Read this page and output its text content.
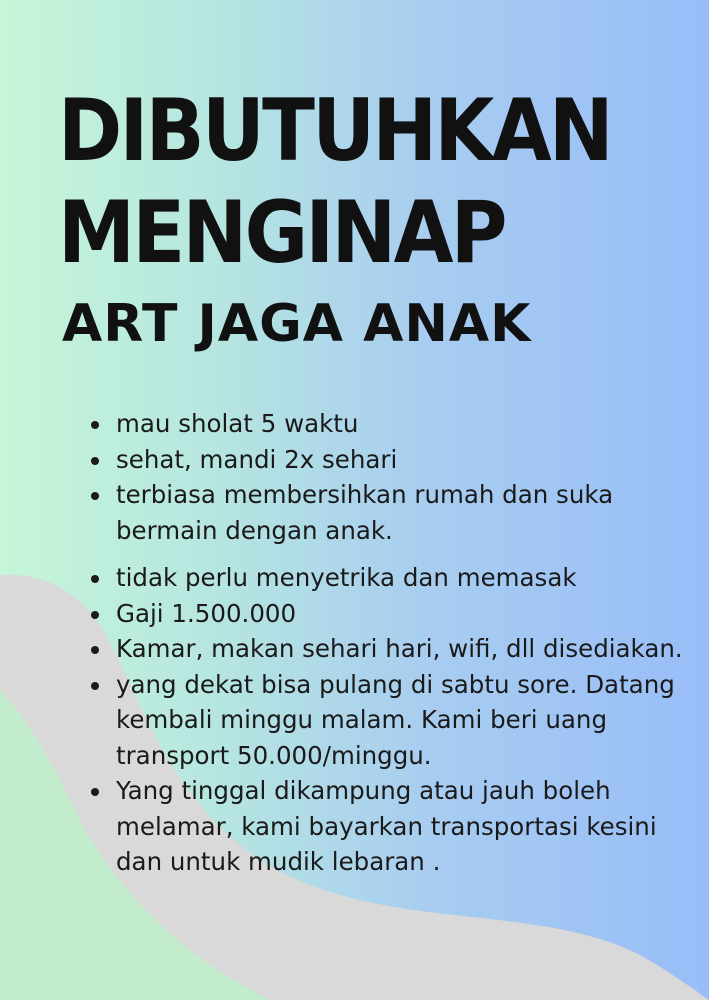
DIBUTUHKAN
MENGINAP
ART JAGA ANAK
mau sholat 5 waktu
sehat, mandi 2x sehari
terbiasa membersihkan rumah dan suka bermain dengan anak.
tidak perlu menyetrika dan memasak
Gaji 1.500.000
Kamar, makan sehari hari, wifi, dll disediakan.
yang dekat bisa pulang di sabtu sore. Datang kembali minggu malam. Kami beri uang transport 50.000/minggu.
Yang tinggal dikampung atau jauh boleh melamar, kami bayarkan transportasi kesini dan untuk mudik lebaran .
